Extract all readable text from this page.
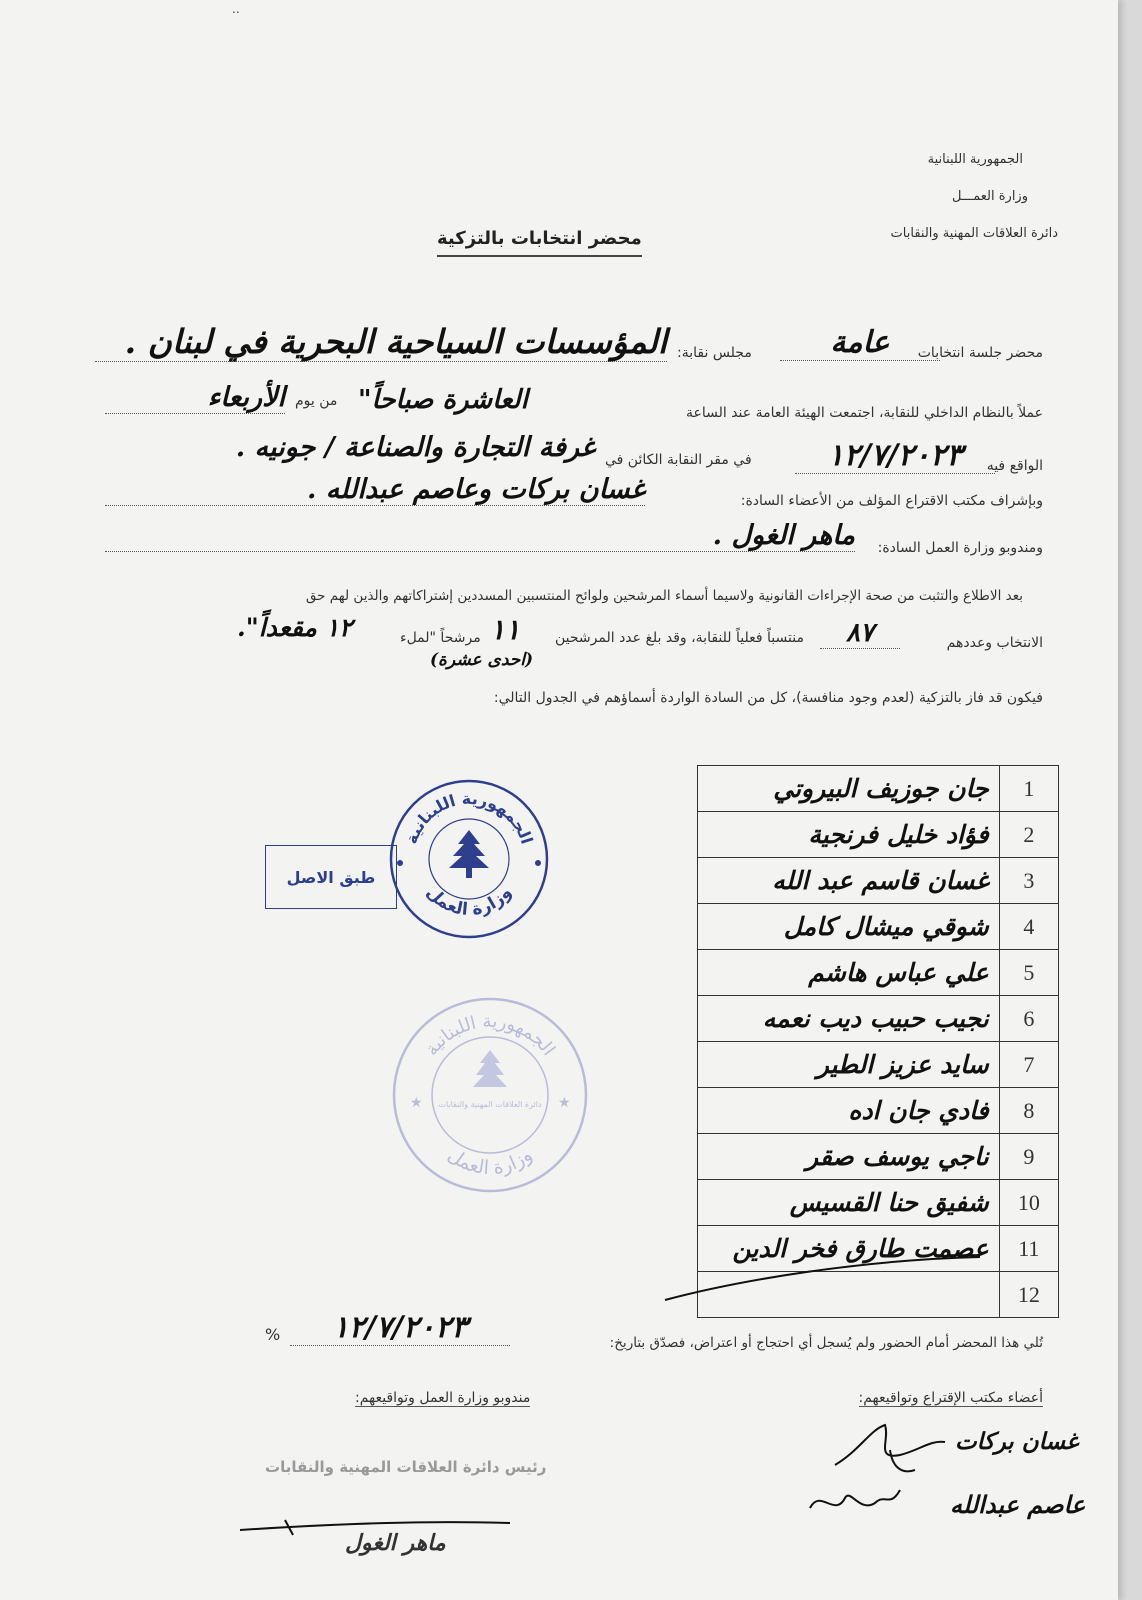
..
الجمهورية اللبنانية
وزارة العمـــل
دائرة العلاقات المهنية والنقابات
محضر انتخابات بالتزكية
محضر جلسة انتخابات
عامة
مجلس نقابة:
المؤسسات السياحية البحرية في لبنان .
عملاً بالنظام الداخلي للنقابة، اجتمعت الهيئة العامة عند الساعة
العاشرة صباحاً"
من يوم
الأربعاء
الواقع فيه
١٢/٧/٢٠٢٣
في مقر النقابة الكائن في
غرفة التجارة والصناعة / جونيه .
وبإشراف مكتب الاقتراع المؤلف من الأعضاء السادة:
غسان بركات وعاصم عبدالله .
ومندوبو وزارة العمل السادة:
ماهر الغول .
بعد الاطلاع والتثبت من صحة الإجراءات القانونية ولاسيما أسماء المرشحين ولوائح المنتسبين المسددين إشتراكاتهم والذين لهم حق
الانتخاب وعددهم
٨٧
منتسباً فعلياً للنقابة، وقد بلغ عدد المرشحين
١١
مرشحاً "لملء
١٢ مقعداً".
(احدى عشرة)
فيكون قد فاز بالتزكية (لعدم وجود منافسة)، كل من السادة الواردة أسماؤهم في الجدول التالي:
1	جان جوزيف البيروتي
2	فؤاد خليل فرنجية
3	غسان قاسم عبد الله
4	شوقي ميشال كامل
5	علي عباس هاشم
6	نجيب حبيب ديب نعمه
7	سايد عزيز الطير
8	فادي جان اده
9	ناجي يوسف صقر
10	شفيق حنا القسيس
11	عصمت طارق فخر الدين
12	
طبق الاصل
الجمهورية اللبنانية
وزارة العمل
الجمهورية اللبنانية
وزارة العمل
دائرة العلاقات المهنية والنقابات
★	★
تُلي هذا المحضر أمام الحضور ولم يُسجل أي احتجاج أو اعتراض، فصدّق بتاريخ:
١٢/٧/٢٠٢٣
%
أعضاء مكتب الإقتراع وتواقيعهم:
مندوبو وزارة العمل وتواقيعهم:
غسان بركات
عاصم عبدالله
رئيس دائرة العلاقات المهنية والنقابات
ماهر الغول
